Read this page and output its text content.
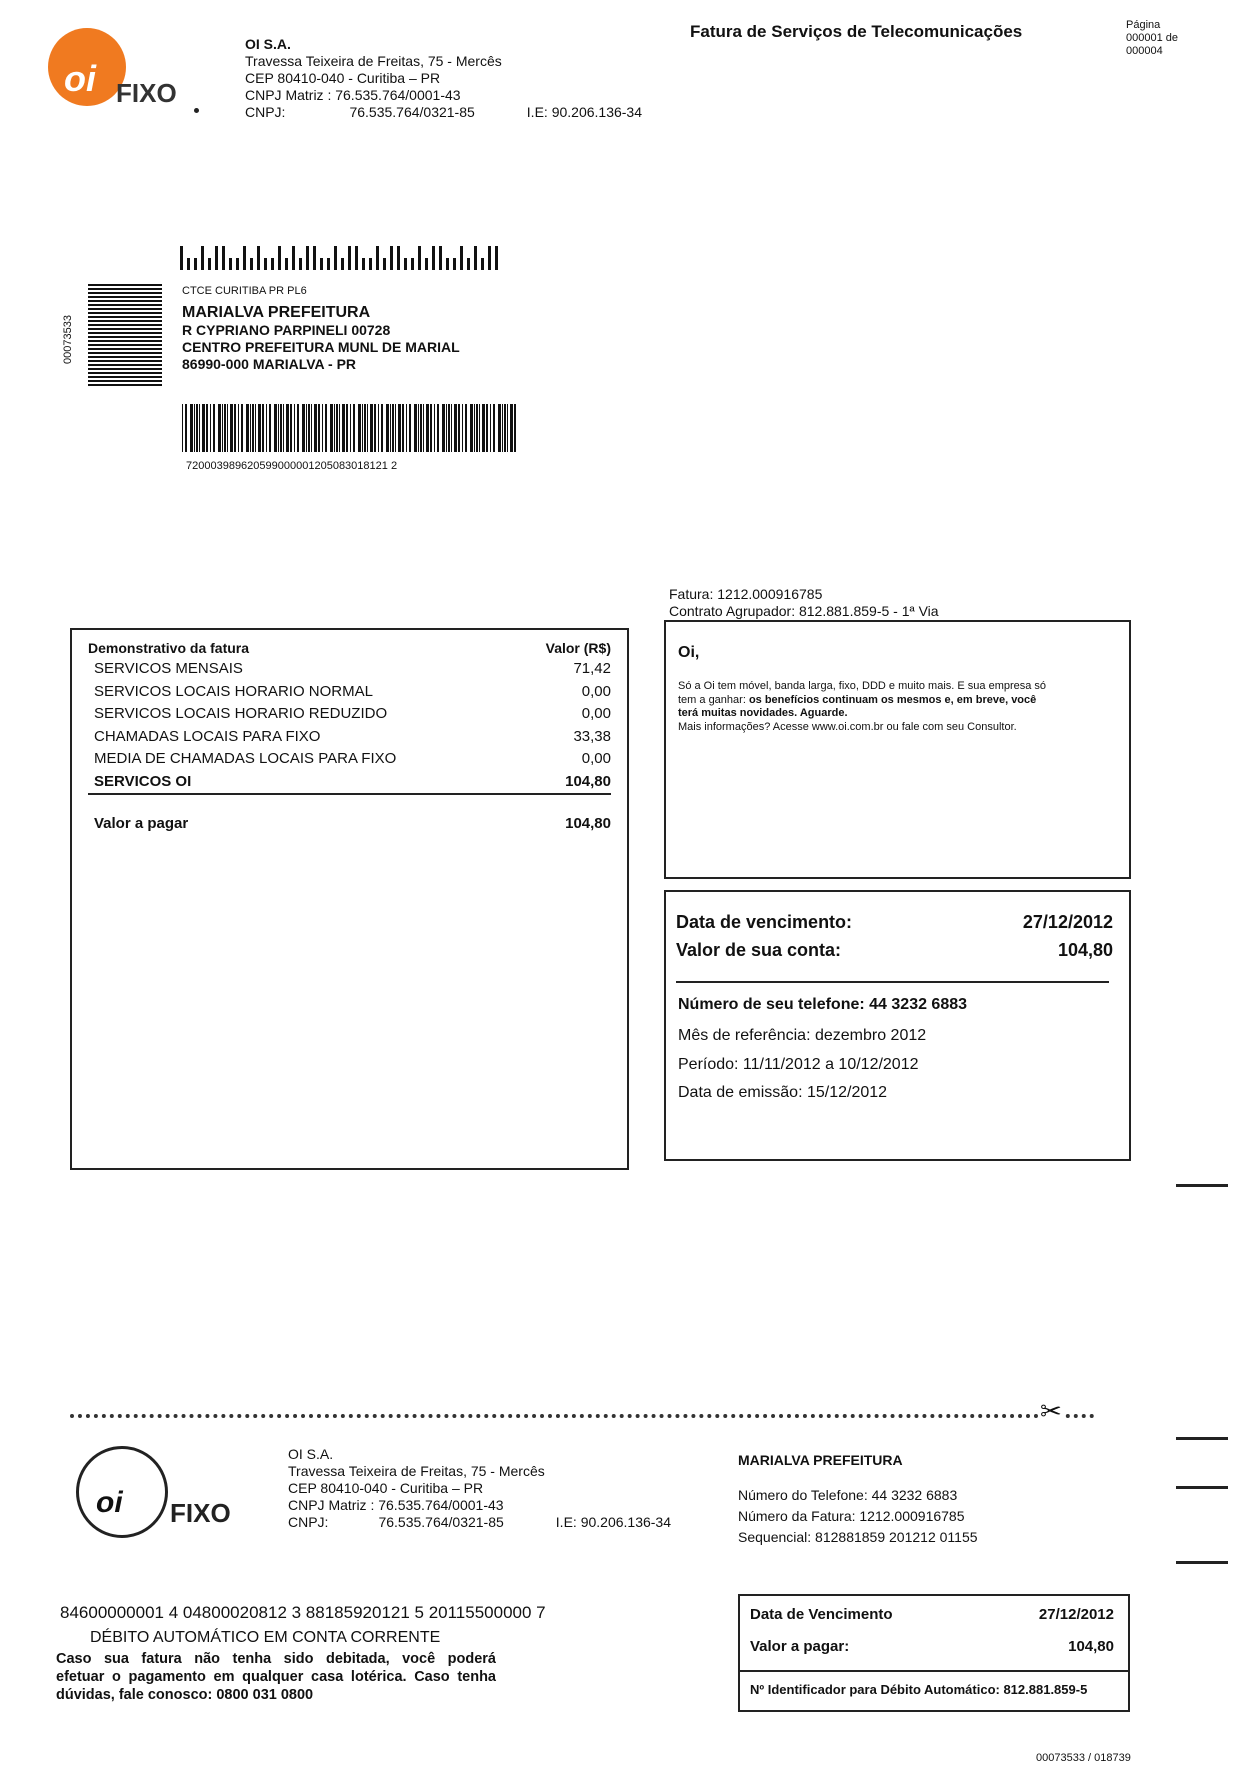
oi FIXO
OI S.A.
Travessa Teixeira de Freitas, 75 - Mercês
CEP 80410-040 - Curitiba – PR
CNPJ Matriz : 76.535.764/0001-43
CNPJ:	76.535.764/0321-85	I.E: 90.206.136-34
Fatura de Serviços de Telecomunicações	Página
000001 de
000004
00073533
CTCE CURITIBA PR PL6
MARIALVA PREFEITURA
R CYPRIANO PARPINELI 00728
CENTRO PREFEITURA MUNL DE MARIAL
86990-000 MARIALVA - PR
720003989620599000001205083018121 2
Fatura: 1212.000916785
Contrato Agrupador: 812.881.859-5 - 1ª Via
Demonstrativo da fatura	Valor (R$)
SERVICOS MENSAIS	71,42
SERVICOS LOCAIS HORARIO NORMAL	0,00
SERVICOS LOCAIS HORARIO REDUZIDO	0,00
CHAMADAS LOCAIS PARA FIXO	33,38
MEDIA DE CHAMADAS LOCAIS PARA FIXO	0,00
SERVICOS OI	104,80
Valor a pagar	104,80
Oi,
Só a Oi tem móvel, banda larga, fixo, DDD e muito mais. E sua empresa só
tem a ganhar: os benefícios continuam os mesmos e, em breve, você
terá muitas novidades. Aguarde.
Mais informações? Acesse www.oi.com.br ou fale com seu Consultor.
Data de vencimento:	27/12/2012
Valor de sua conta:	104,80
Número de seu telefone: 44 3232 6883
Mês de referência: dezembro 2012
Período: 11/11/2012 a 10/12/2012
Data de emissão: 15/12/2012
✂
oi FIXO
OI S.A.
Travessa Teixeira de Freitas, 75 - Mercês
CEP 80410-040 - Curitiba – PR
CNPJ Matriz : 76.535.764/0001-43
CNPJ:	76.535.764/0321-85	I.E: 90.206.136-34
MARIALVA PREFEITURA
Número do Telefone: 44 3232 6883
Número da Fatura: 1212.000916785
Sequencial: 812881859 201212 01155
84600000001 4 04800020812 3 88185920121 5 20115500000 7
DÉBITO AUTOMÁTICO EM CONTA CORRENTE
Caso sua fatura não tenha sido debitada, você poderá
efetuar o pagamento em qualquer casa lotérica. Caso tenha
dúvidas, fale conosco: 0800 031 0800
Data de Vencimento	27/12/2012
Valor a pagar:	104,80
Nº Identificador para Débito Automático: 812.881.859-5
00073533 / 018739
